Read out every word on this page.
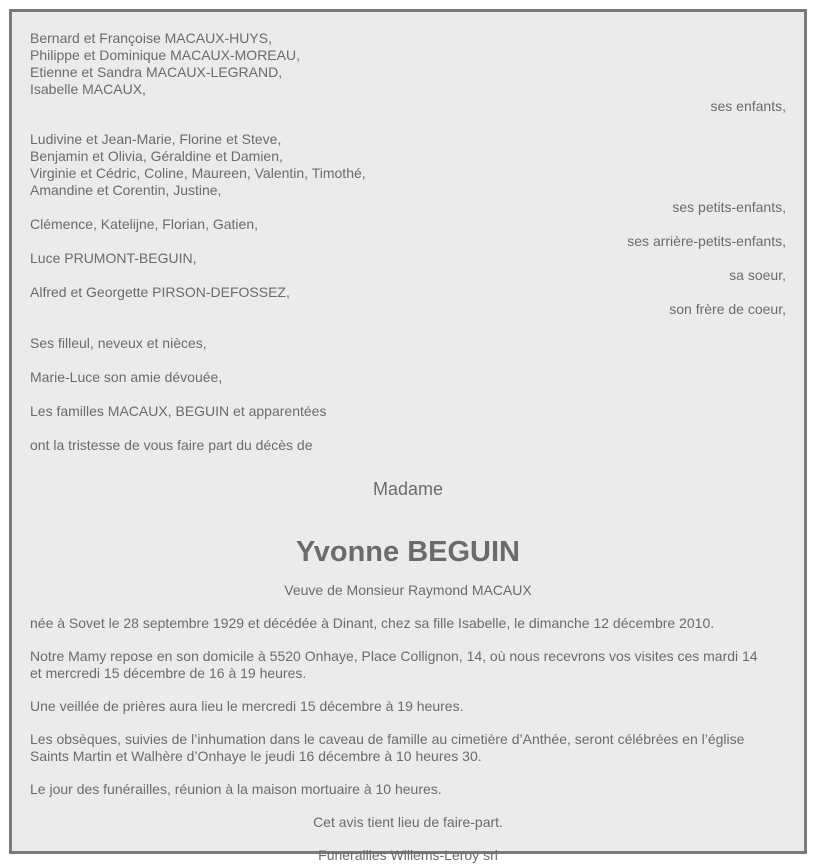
Bernard et Françoise MACAUX-HUYS,
Philippe et Dominique MACAUX-MOREAU,
Etienne et Sandra MACAUX-LEGRAND,
Isabelle MACAUX,
ses enfants,
Ludivine et Jean-Marie, Florine et Steve,
Benjamin et Olivia, Géraldine et Damien,
Virginie et Cédric, Coline, Maureen, Valentin, Timothé,
Amandine et Corentin, Justine,
ses petits-enfants,
Clémence, Katelijne, Florian, Gatien,
ses arrière-petits-enfants,
Luce PRUMONT-BEGUIN,
sa soeur,
Alfred et Georgette PIRSON-DEFOSSEZ,
son frère de coeur,
Ses filleul, neveux et nièces,
Marie-Luce son amie dévouée,
Les familles MACAUX, BEGUIN et apparentées
ont la tristesse de vous faire part du décès de
Madame
Yvonne BEGUIN
Veuve de Monsieur Raymond MACAUX
née à Sovet le 28 septembre 1929 et décédée à Dinant, chez sa fille Isabelle, le dimanche 12 décembre 2010.
Notre Mamy repose en son domicile à 5520 Onhaye, Place Collignon, 14, où nous recevrons vos visites ces mardi 14
et mercredi 15 décembre de 16 à 19 heures.
Une veillée de prières aura lieu le mercredi 15 décembre à 19 heures.
Les obsèques, suivies de l’inhumation dans le caveau de famille au cimetière d’Anthée, seront célébrées en l’église
Saints Martin et Walhère d’Onhaye le jeudi 16 décembre à 10 heures 30.
Le jour des funérailles, réunion à la maison mortuaire à 10 heures.
Cet avis tient lieu de faire-part.
Funerailles Willems-Leroy srl
